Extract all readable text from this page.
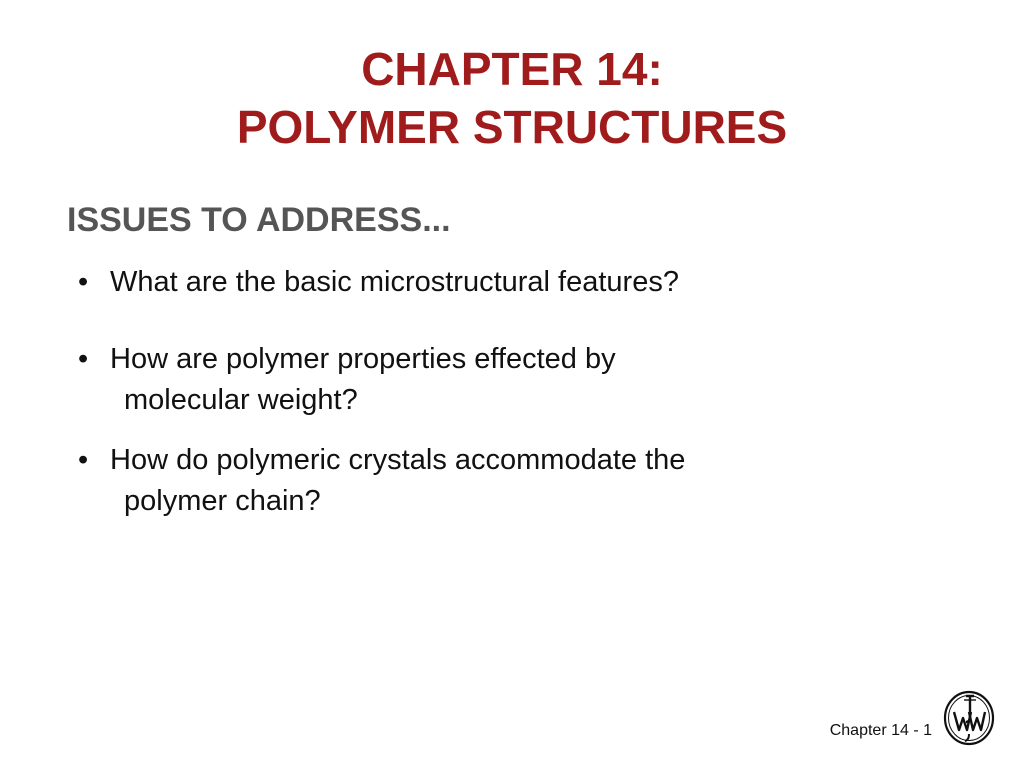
CHAPTER 14:
POLYMER STRUCTURES
ISSUES TO ADDRESS...
• What are the basic microstructural features?
• How are polymer properties effected by
molecular weight?
• How do polymeric crystals accommodate the
polymer chain?
Chapter 14 - 1
